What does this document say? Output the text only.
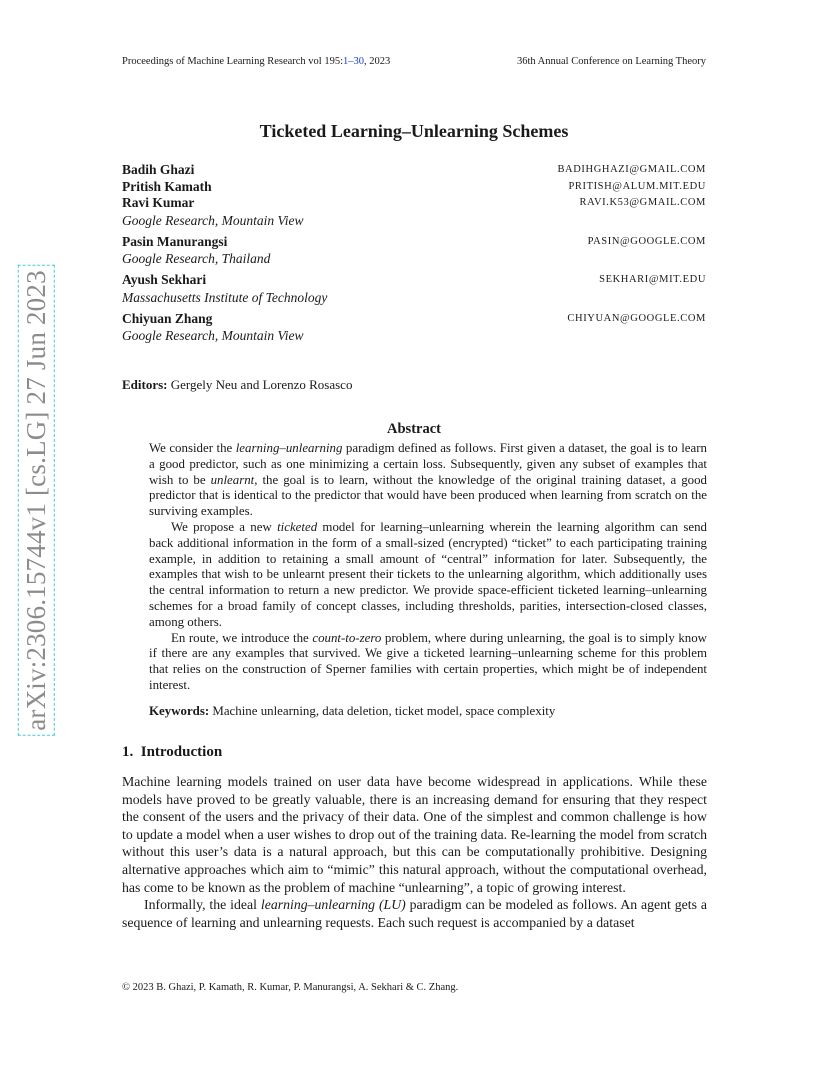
Proceedings of Machine Learning Research vol 195:1–30, 2023	36th Annual Conference on Learning Theory
arXiv:2306.15744v1 [cs.LG] 27 Jun 2023
Ticketed Learning–Unlearning Schemes
Badih Ghazi	BADIHGHAZI@GMAIL.COM
Pritish Kamath	PRITISH@ALUM.MIT.EDU
Ravi Kumar	RAVI.K53@GMAIL.COM
Google Research, Mountain View
Pasin Manurangsi	PASIN@GOOGLE.COM
Google Research, Thailand
Ayush Sekhari	SEKHARI@MIT.EDU
Massachusetts Institute of Technology
Chiyuan Zhang	CHIYUAN@GOOGLE.COM
Google Research, Mountain View
Editors: Gergely Neu and Lorenzo Rosasco
Abstract

We consider the learning–unlearning paradigm defined as follows. First given a dataset, the goal is to learn a good predictor, such as one minimizing a certain loss. Subsequently, given any subset of examples that wish to be unlearnt, the goal is to learn, without the knowledge of the original training dataset, a good predictor that is identical to the predictor that would have been produced when learning from scratch on the surviving examples.

We propose a new ticketed model for learning–unlearning wherein the learning algorithm can send back additional information in the form of a small-sized (encrypted) “ticket” to each participating training example, in addition to retaining a small amount of “central” information for later. Subsequently, the examples that wish to be unlearnt present their tickets to the unlearning algorithm, which additionally uses the central information to return a new predictor. We provide space-efficient ticketed learning–unlearning schemes for a broad family of concept classes, including thresholds, parities, intersection-closed classes, among others.

En route, we introduce the count-to-zero problem, where during unlearning, the goal is to simply know if there are any examples that survived. We give a ticketed learning–unlearning scheme for this problem that relies on the construction of Sperner families with certain properties, which might be of independent interest.

Keywords: Machine unlearning, data deletion, ticket model, space complexity
1. Introduction

Machine learning models trained on user data have become widespread in applications. While these models have proved to be greatly valuable, there is an increasing demand for ensuring that they respect the consent of the users and the privacy of their data. One of the simplest and common challenge is how to update a model when a user wishes to drop out of the training data. Re-learning the model from scratch without this user’s data is a natural approach, but this can be computationally prohibitive. Designing alternative approaches which aim to “mimic” this natural approach, without the computational overhead, has come to be known as the problem of machine “unlearning”, a topic of growing interest.

Informally, the ideal learning–unlearning (LU) paradigm can be modeled as follows. An agent gets a sequence of learning and unlearning requests. Each such request is accompanied by a dataset

© 2023 B. Ghazi, P. Kamath, R. Kumar, P. Manurangsi, A. Sekhari & C. Zhang.
